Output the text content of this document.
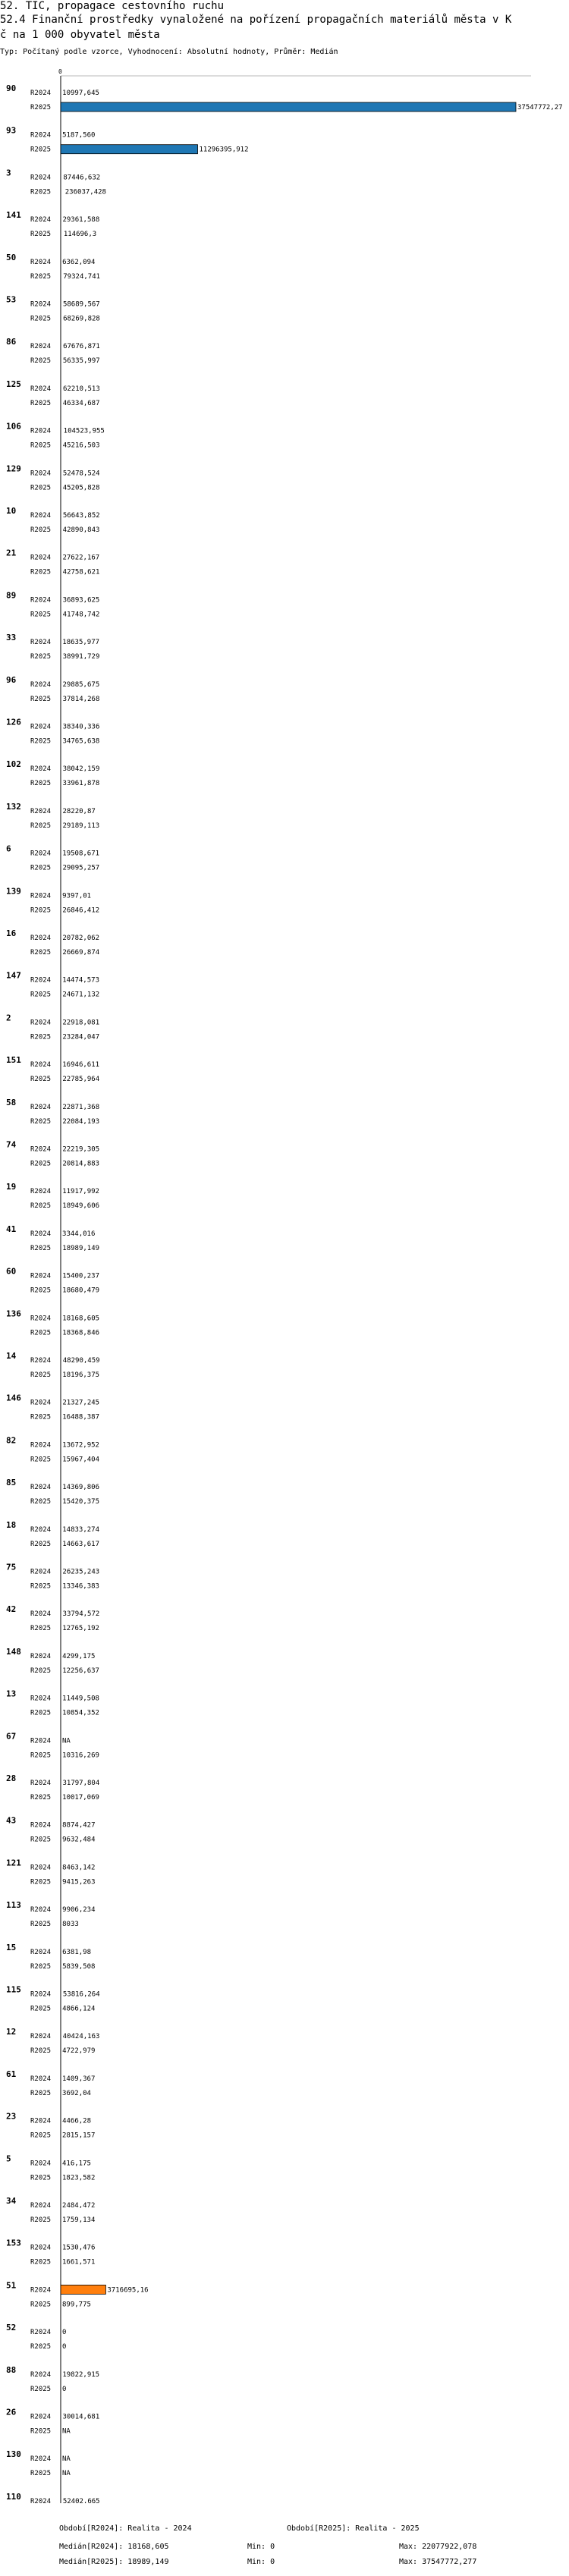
52. TIC, propagace cestovního ruchu
52.4 Finanční prostředky vynaložené na pořízení propagačních materiálů města v K
č na 1 000 obyvatel města
Typ: Počítaný podle vzorce, Vyhodnocení: Absolutní hodnoty, Průměr: Medián
0
90 R2024 10997,645
R2025	37547772,27
93 R2024 5187,560
R2025	11296395,912
3	R2024 87446,632
R2025 236037,428
141 R2024 29361,588
R2025 114696,3
50 R2024 6362,094
R2025 79324,741
53 R2024 58689,567
R2025 68269,828
86 R2024 67676,871
R2025 56335,997
125 R2024 62210,513
R2025 46334,687
106 R2024 104523,955
R2025 45216,503
129 R2024 52478,524
R2025 45205,828
10 R2024 56643,852
R2025 42890,843
21 R2024 27622,167
R2025 42758,621
89 R2024 36893,625
R2025 41748,742
33 R2024 18635,977
R2025 38991,729
96 R2024 29885,675
R2025 37814,268
126 R2024 38340,336
R2025 34765,638
102 R2024 38042,159
R2025 33961,878
132 R2024 28220,87
R2025 29189,113
6	R2024 19508,671
R2025 29095,257
139 R2024 9397,01
R2025 26846,412
16 R2024 20782,062
R2025 26669,874
147 R2024 14474,573
R2025 24671,132
2	R2024 22918,081
R2025 23284,047
151 R2024 16946,611
R2025 22785,964
58 R2024 22871,368
R2025 22084,193
74 R2024 22219,305
R2025 20814,883
19 R2024 11917,992
R2025 18949,606
41 R2024 3344,016
R2025 18989,149
60 R2024 15400,237
R2025 18680,479
136 R2024 18168,605
R2025 18368,846
14 R2024 48290,459
R2025 18196,375
146 R2024 21327,245
R2025 16488,387
82 R2024 13672,952
R2025 15967,404
85 R2024 14369,806
R2025 15420,375
18 R2024 14833,274
R2025 14663,617
75 R2024 26235,243
R2025 13346,383
42 R2024 33794,572
R2025 12765,192
148 R2024 4299,175
R2025 12256,637
13 R2024 11449,508
R2025 10854,352
67 R2024 NA
R2025 10316,269
28 R2024 31797,804
R2025 10017,069
43 R2024 8874,427
R2025 9632,484
121 R2024 8463,142
R2025 9415,263
113 R2024 9906,234
R2025 8033
15 R2024 6381,98
R2025 5839,508
115 R2024 53816,264
R2025 4866,124
12 R2024 40424,163
R2025 4722,979
61 R2024 1409,367
R2025 3692,04
23 R2024 4466,28
R2025 2815,157
5	R2024 416,175
R2025 1823,582
34 R2024 2484,472
R2025 1759,134
153 R2024 1530,476
R2025 1661,571
51 R2024	3716695,16
R2025 899,775
52 R2024 0
R2025 0
88 R2024 19822,915
R2025 0
26 R2024 30014,681
R2025 NA
130 R2024 NA
R2025 NA
110 R2024 52402,665
Období[R2024]: Realita - 2024	Období[R2025]: Realita - 2025
Medián[R2024]: 18168,605	Min: 0	Max: 22077922,078
Medián[R2025]: 18989,149	Min: 0	Max: 37547772,277
